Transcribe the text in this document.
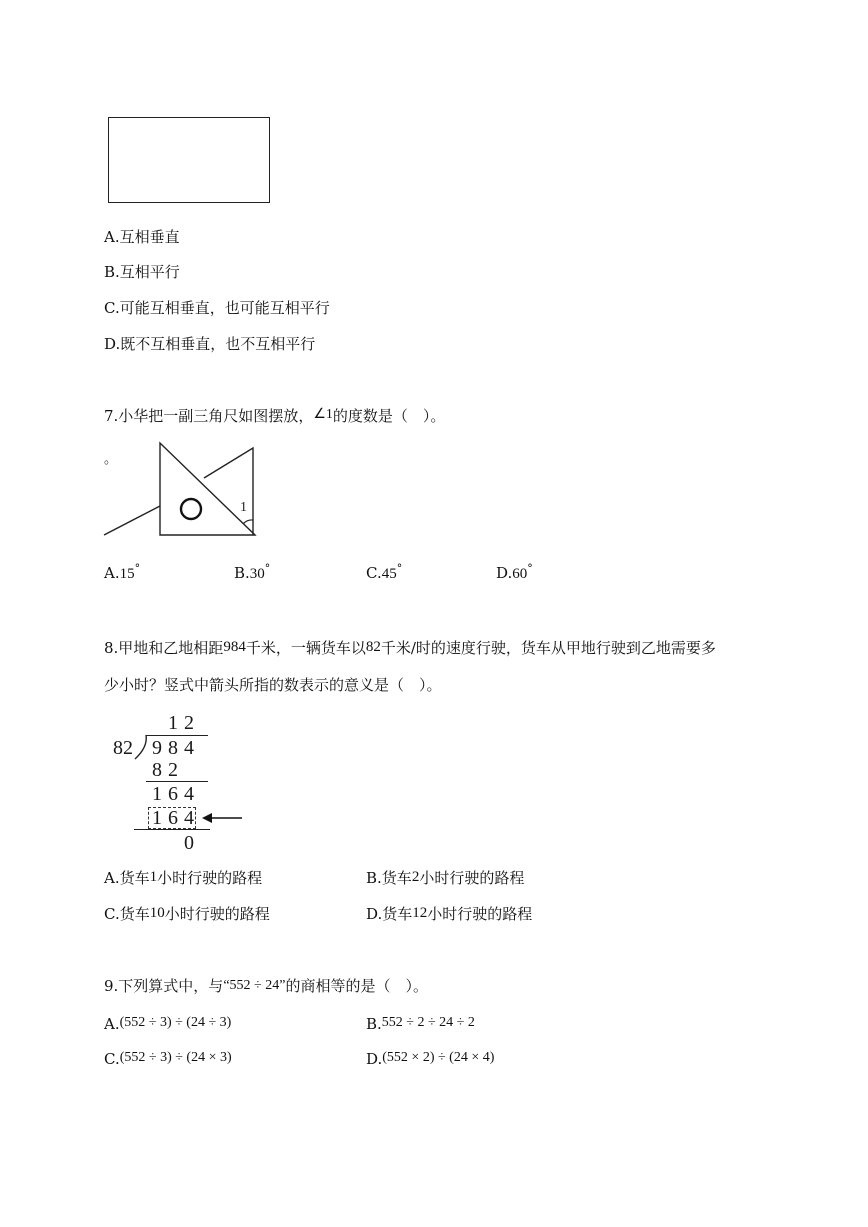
A.互相垂直
B.互相平行
C.可能互相垂直，也可能互相平行
D.既不互相垂直，也不互相平行
7.小华把一副三角尺如图摆放，∠1的度数是（　）。
。
1
A.15°	B.30°	C.45°	D.60°
8.甲地和乙地相距984千米，一辆货车以82千米/时的速度行驶，货车从甲地行驶到乙地需要多
少小时？竖式中箭头所指的数表示的意义是（　）。
1 2
82 9 8 4
8 2
1 6 4
1 6 4
0
A.货车1小时行驶的路程	B.货车2小时行驶的路程
C.货车10小时行驶的路程	D.货车12小时行驶的路程
9.下列算式中，与“552 ÷ 24”的商相等的是（　）。
A.(552 ÷ 3) ÷ (24 ÷ 3)	B.552 ÷ 2 ÷ 24 ÷ 2
C.(552 ÷ 3) ÷ (24 × 3)	D.(552 × 2) ÷ (24 × 4)
